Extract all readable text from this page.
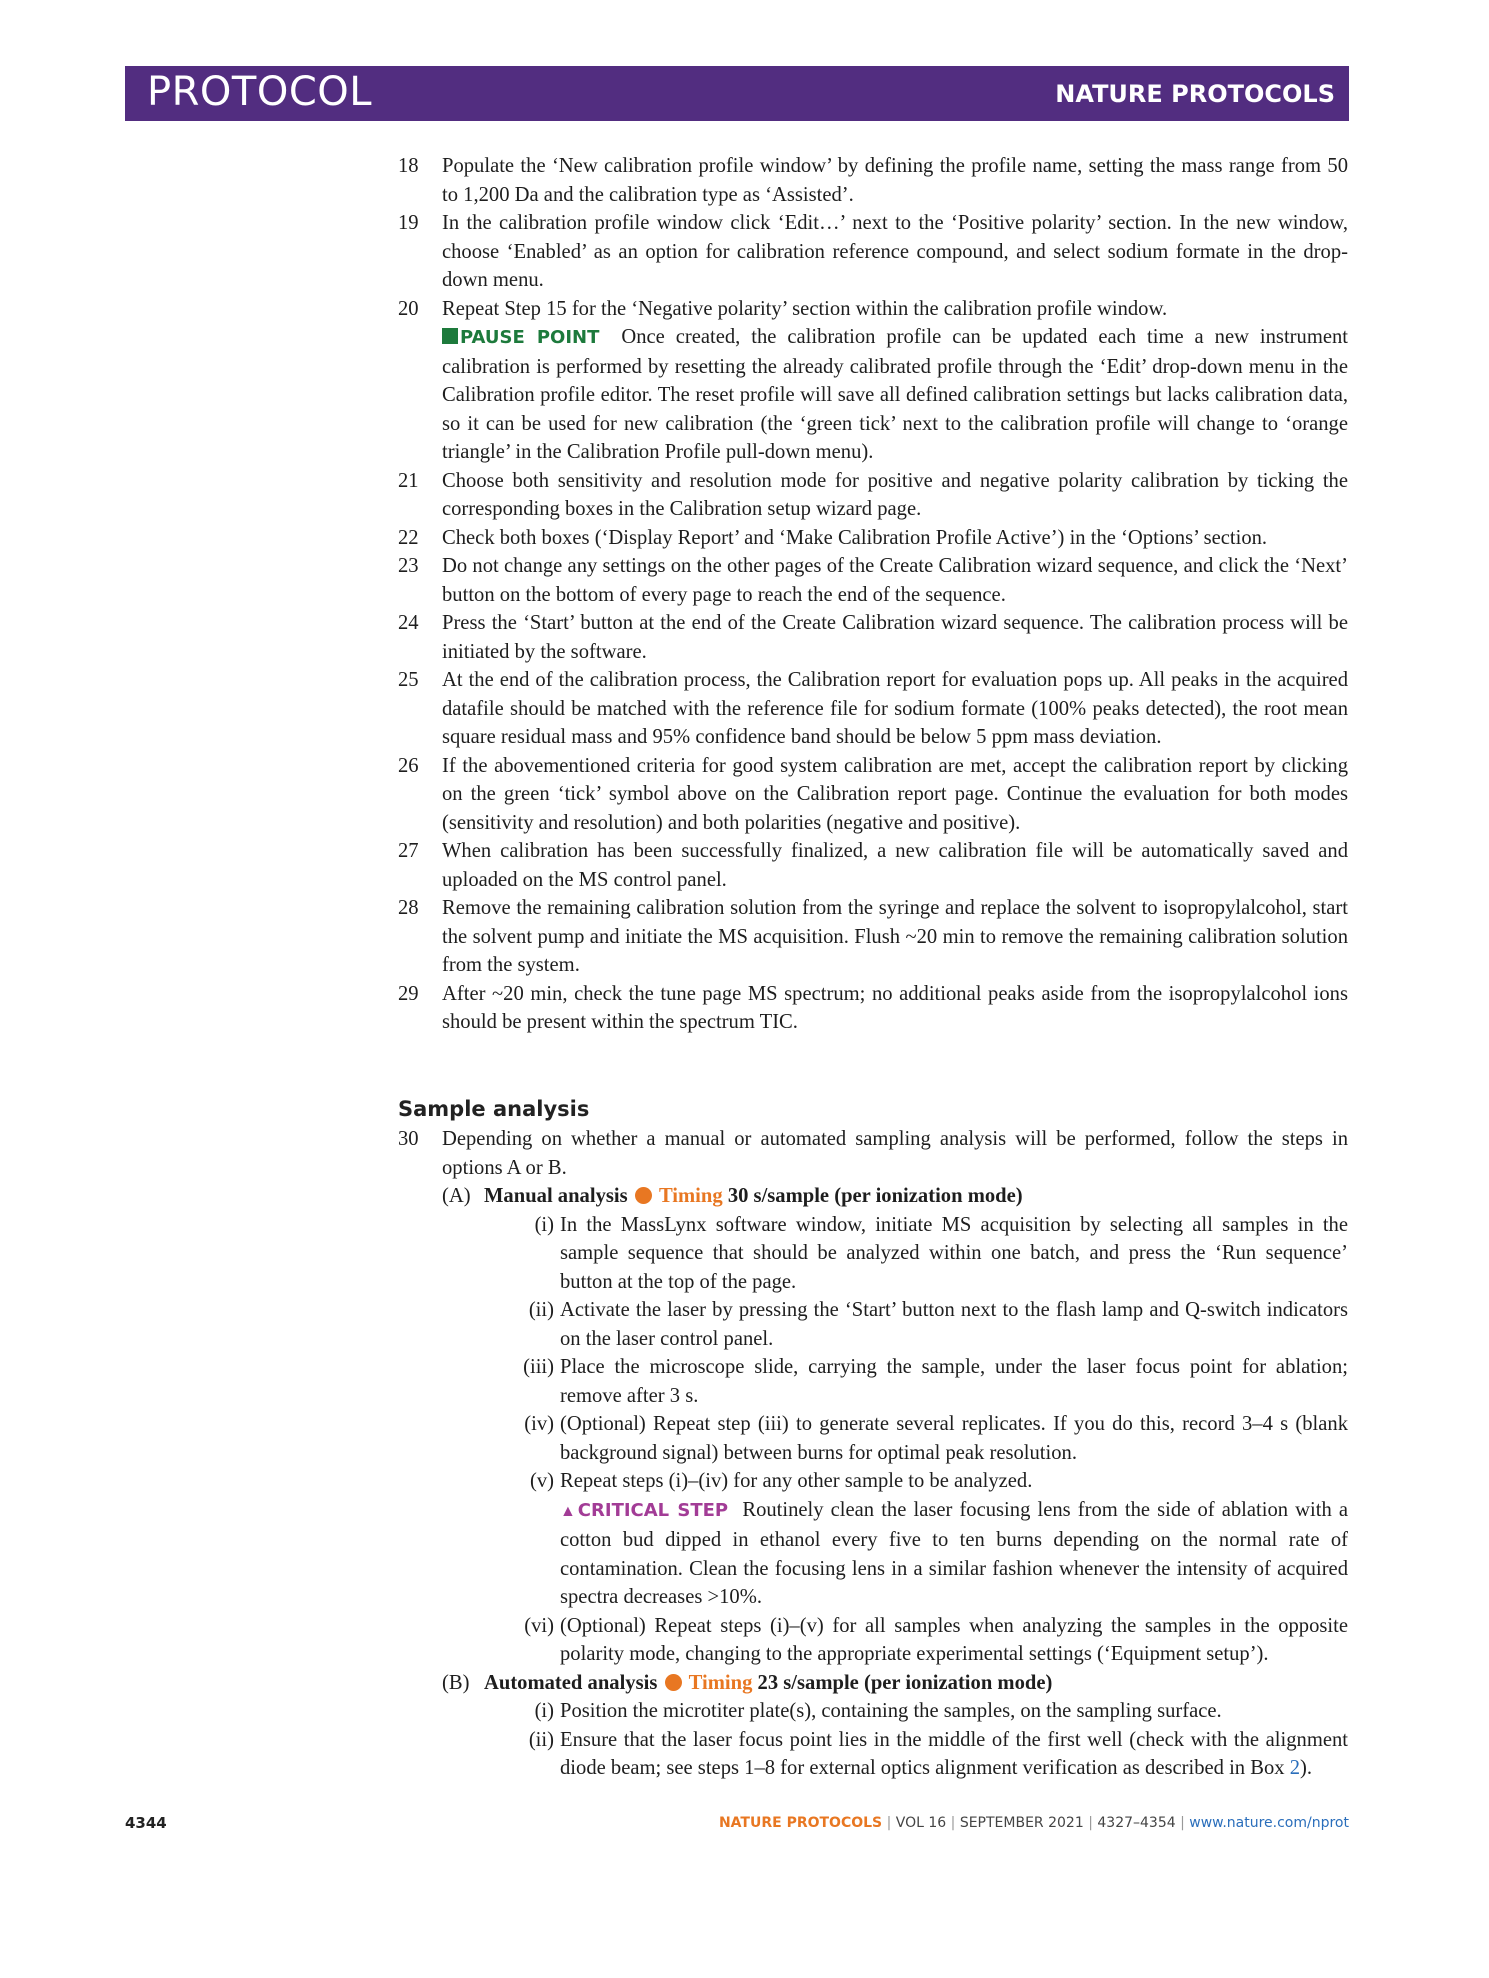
PROTOCOL	NATURE PROTOCOLS
18	Populate the ‘New calibration profile window’ by defining the profile name, setting the mass range from 50 to 1,200 Da and the calibration type as ‘Assisted’.
19	In the calibration profile window click ‘Edit…’ next to the ‘Positive polarity’ section. In the new window, choose ‘Enabled’ as an option for calibration reference compound, and select sodium formate in the drop-down menu.
20	Repeat Step 15 for the ‘Negative polarity’ section within the calibration profile window.
PAUSE POINT Once created, the calibration profile can be updated each time a new instrument calibration is performed by resetting the already calibrated profile through the ‘Edit’ drop-down menu in the Calibration profile editor. The reset profile will save all defined calibration settings but lacks calibration data, so it can be used for new calibration (the ‘green tick’ next to the calibration profile will change to ‘orange triangle’ in the Calibration Profile pull-down menu).
21	Choose both sensitivity and resolution mode for positive and negative polarity calibration by ticking the corresponding boxes in the Calibration setup wizard page.
22	Check both boxes (‘Display Report’ and ‘Make Calibration Profile Active’) in the ‘Options’ section.
23	Do not change any settings on the other pages of the Create Calibration wizard sequence, and click the ‘Next’ button on the bottom of every page to reach the end of the sequence.
24	Press the ‘Start’ button at the end of the Create Calibration wizard sequence. The calibration process will be initiated by the software.
25	At the end of the calibration process, the Calibration report for evaluation pops up. All peaks in the acquired datafile should be matched with the reference file for sodium formate (100% peaks detected), the root mean square residual mass and 95% confidence band should be below 5 ppm mass deviation.
26	If the abovementioned criteria for good system calibration are met, accept the calibration report by clicking on the green ‘tick’ symbol above on the Calibration report page. Continue the evaluation for both modes (sensitivity and resolution) and both polarities (negative and positive).
27	When calibration has been successfully finalized, a new calibration file will be automatically saved and uploaded on the MS control panel.
28	Remove the remaining calibration solution from the syringe and replace the solvent to isopropylalcohol, start the solvent pump and initiate the MS acquisition. Flush ~20 min to remove the remaining calibration solution from the system.
29	After ~20 min, check the tune page MS spectrum; no additional peaks aside from the isopropylalcohol ions should be present within the spectrum TIC.
Sample analysis
30	Depending on whether a manual or automated sampling analysis will be performed, follow the steps in options A or B.
(A) Manual analysis Timing 30 s/sample (per ionization mode)
(i) In the MassLynx software window, initiate MS acquisition by selecting all samples in the sample sequence that should be analyzed within one batch, and press the ‘Run sequence’ button at the top of the page.
(ii) Activate the laser by pressing the ‘Start’ button next to the flash lamp and Q-switch indicators on the laser control panel.
(iii) Place the microscope slide, carrying the sample, under the laser focus point for ablation; remove after 3 s.
(iv) (Optional) Repeat step (iii) to generate several replicates. If you do this, record 3–4 s (blank background signal) between burns for optimal peak resolution.
(v) Repeat steps (i)–(iv) for any other sample to be analyzed.
▲CRITICAL STEP Routinely clean the laser focusing lens from the side of ablation with a cotton bud dipped in ethanol every five to ten burns depending on the normal rate of contamination. Clean the focusing lens in a similar fashion whenever the intensity of acquired spectra decreases >10%.
(vi) (Optional) Repeat steps (i)–(v) for all samples when analyzing the samples in the opposite polarity mode, changing to the appropriate experimental settings (‘Equipment setup’).
(B) Automated analysis Timing 23 s/sample (per ionization mode)
(i) Position the microtiter plate(s), containing the samples, on the sampling surface.
(ii) Ensure that the laser focus point lies in the middle of the first well (check with the alignment diode beam; see steps 1–8 for external optics alignment verification as described in Box 2).
4344	NATURE PROTOCOLS | VOL 16 | SEPTEMBER 2021 | 4327–4354 | www.nature.com/nprot
